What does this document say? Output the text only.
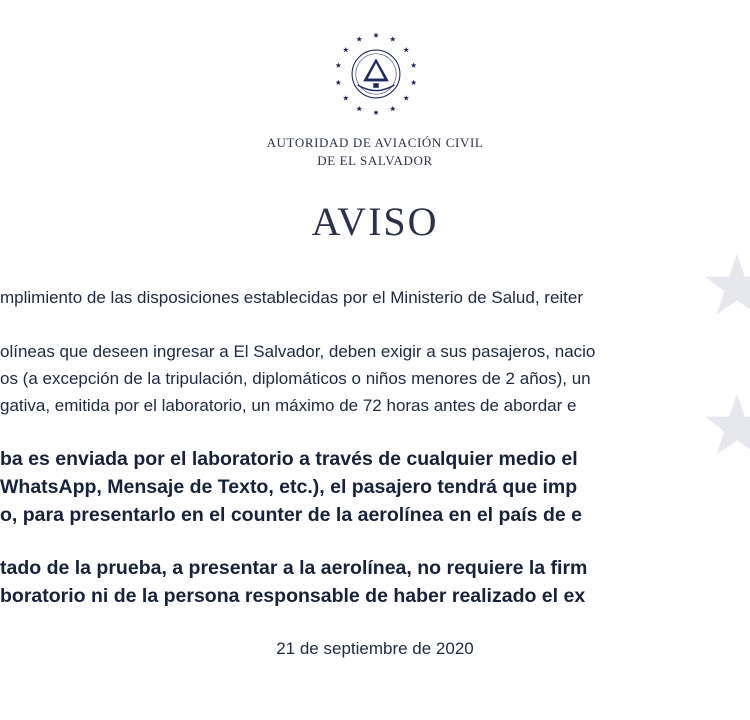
AUTORIDAD DE AVIACIÓN CIVIL
DE EL SALVADOR
AVISO
mplimiento de las disposiciones establecidas por el Ministerio de Salud, reiter
olíneas que deseen ingresar a El Salvador, deben exigir a sus pasajeros, nacio
os (a excepción de la tripulación, diplomáticos o niños menores de 2 años), un
gativa, emitida por el laboratorio, un máximo de 72 horas antes de abordar e
ba es enviada por el laboratorio a través de cualquier medio el
WhatsApp, Mensaje de Texto, etc.), el pasajero tendrá que imp
o, para presentarlo en el counter de la aerolínea en el país de e
tado de la prueba, a presentar a la aerolínea, no requiere la firm
boratorio ni de la persona responsable de haber realizado el ex
21 de septiembre de 2020
